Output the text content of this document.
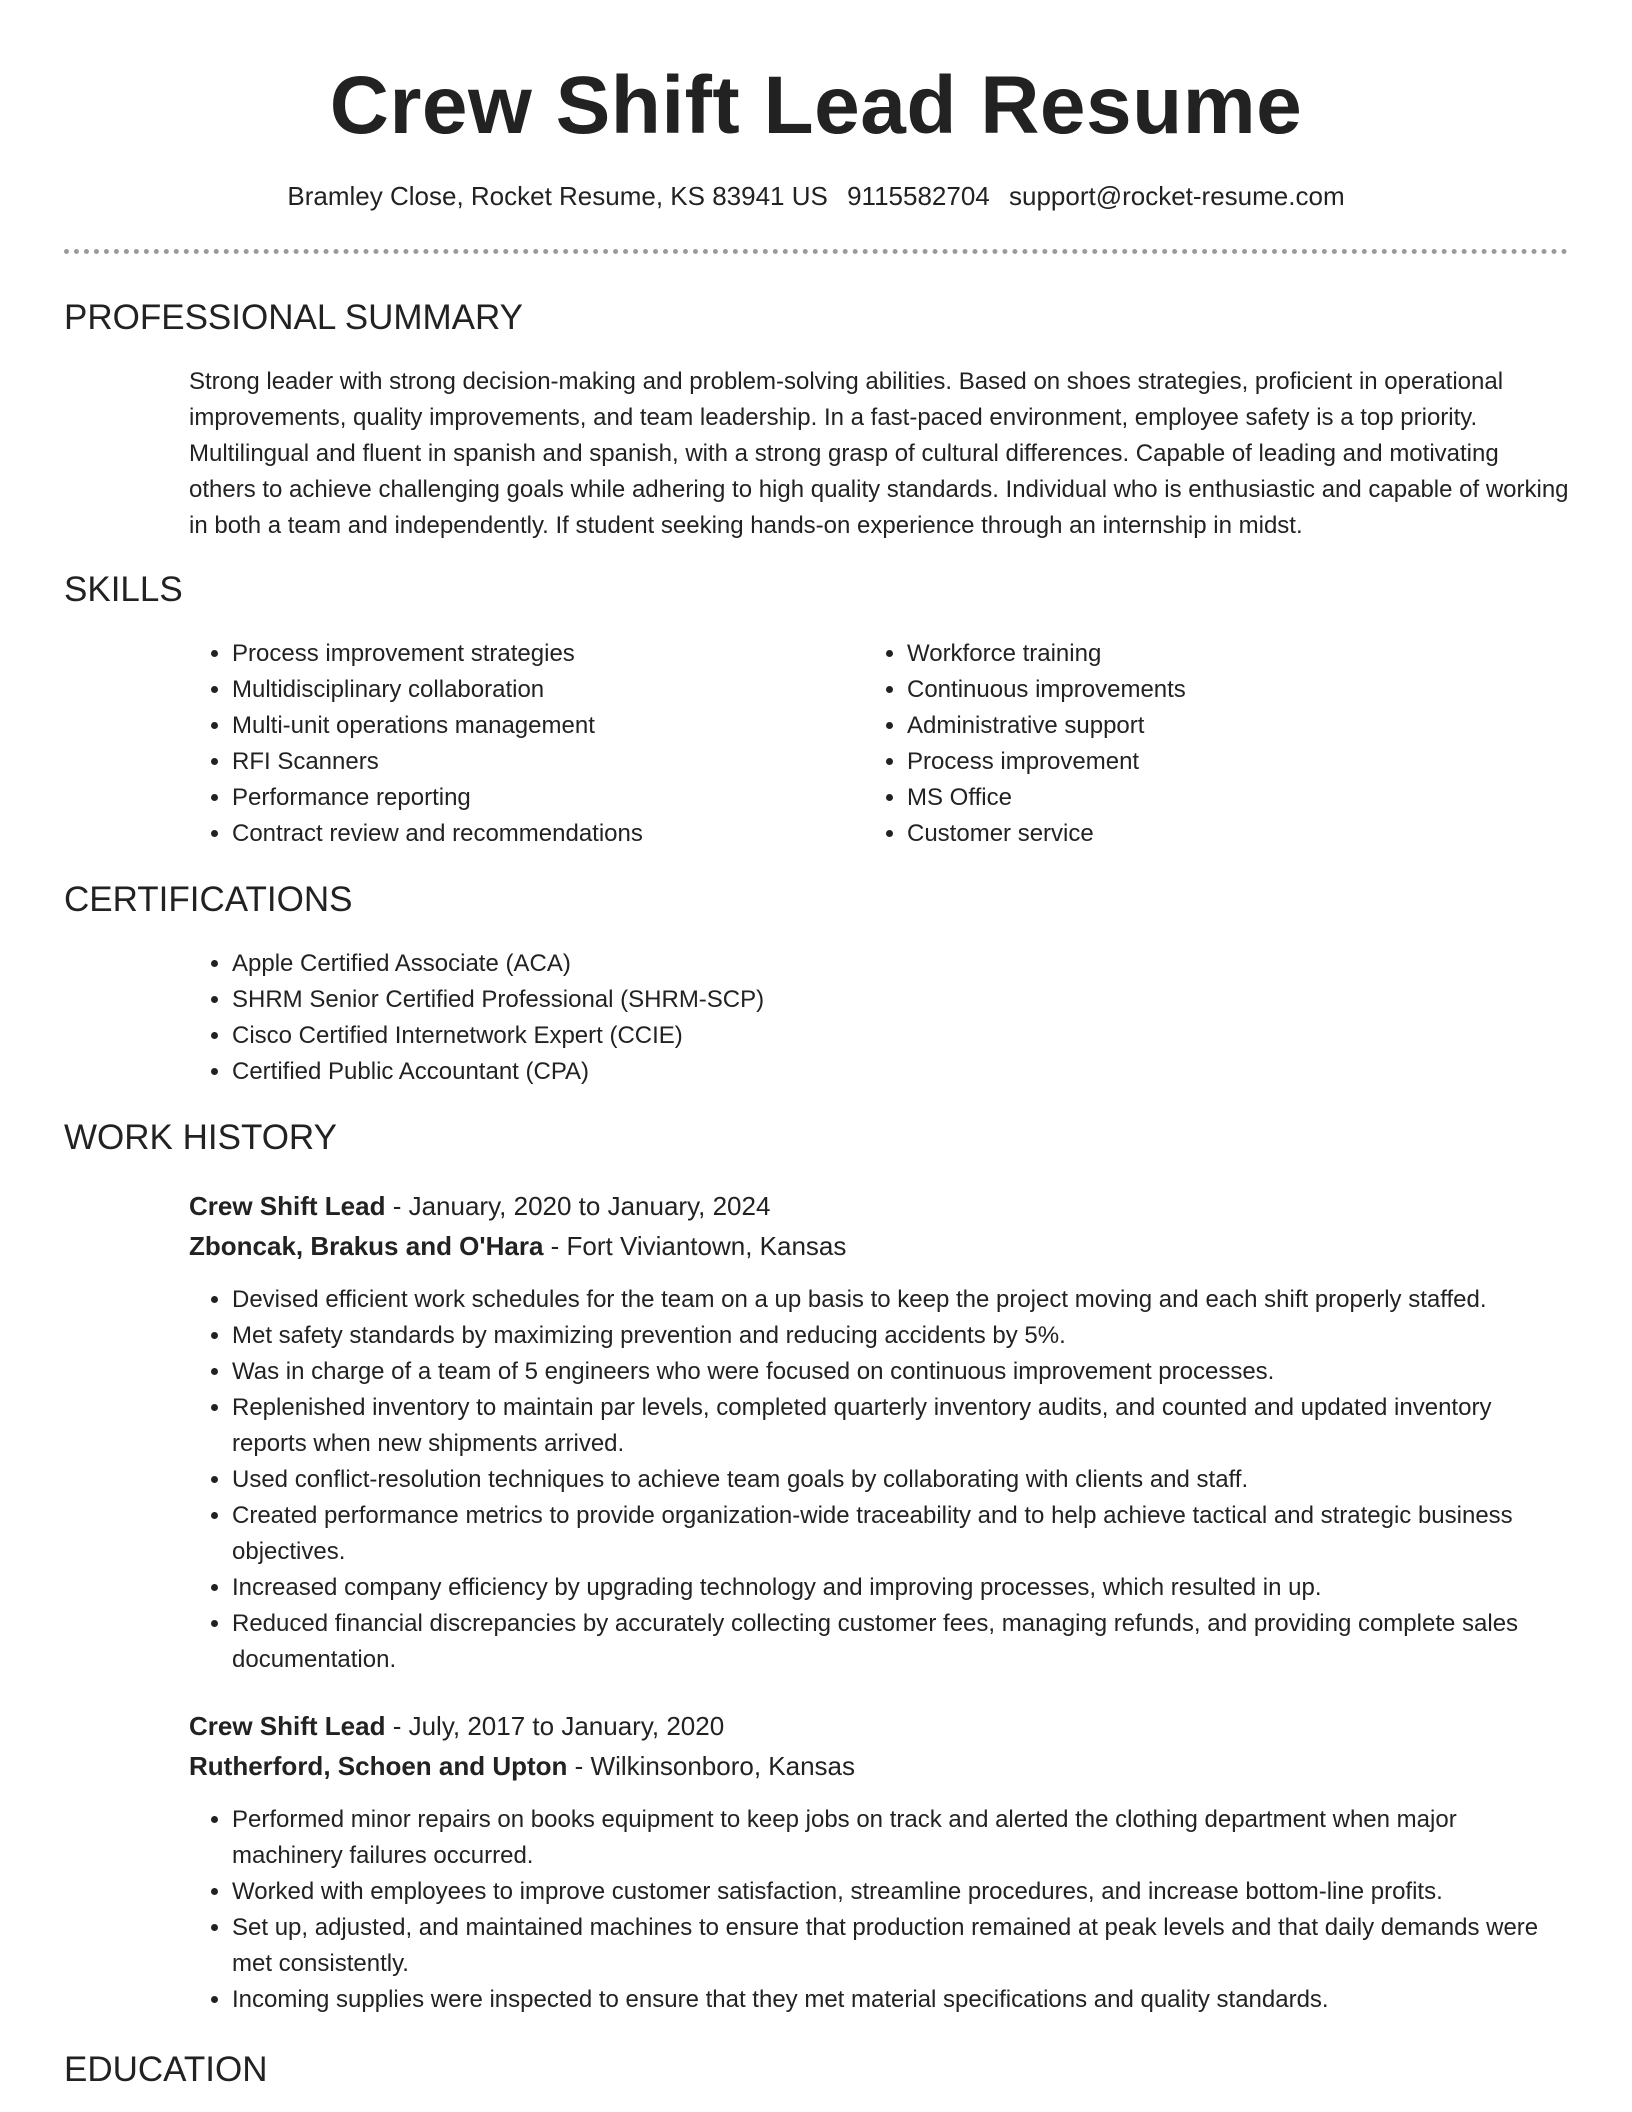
Crew Shift Lead Resume
Bramley Close, Rocket Resume, KS 83941 US 9115582704 support@rocket-resume.com
PROFESSIONAL SUMMARY
Strong leader with strong decision-making and problem-solving abilities. Based on shoes strategies, proficient in operational improvements, quality improvements, and team leadership. In a fast-paced environment, employee safety is a top priority. Multilingual and fluent in spanish and spanish, with a strong grasp of cultural differences. Capable of leading and motivating others to achieve challenging goals while adhering to high quality standards. Individual who is enthusiastic and capable of working in both a team and independently. If student seeking hands-on experience through an internship in midst.
SKILLS
• Process improvement strategies
• Multidisciplinary collaboration
• Multi-unit operations management
• RFI Scanners
• Performance reporting
• Contract review and recommendations
• Workforce training
• Continuous improvements
• Administrative support
• Process improvement
• MS Office
• Customer service
CERTIFICATIONS
• Apple Certified Associate (ACA)
• SHRM Senior Certified Professional (SHRM-SCP)
• Cisco Certified Internetwork Expert (CCIE)
• Certified Public Accountant (CPA)
WORK HISTORY
Crew Shift Lead - January, 2020 to January, 2024
Zboncak, Brakus and O'Hara - Fort Viviantown, Kansas
• Devised efficient work schedules for the team on a up basis to keep the project moving and each shift properly staffed.
• Met safety standards by maximizing prevention and reducing accidents by 5%.
• Was in charge of a team of 5 engineers who were focused on continuous improvement processes.
• Replenished inventory to maintain par levels, completed quarterly inventory audits, and counted and updated inventory reports when new shipments arrived.
• Used conflict-resolution techniques to achieve team goals by collaborating with clients and staff.
• Created performance metrics to provide organization-wide traceability and to help achieve tactical and strategic business objectives.
• Increased company efficiency by upgrading technology and improving processes, which resulted in up.
• Reduced financial discrepancies by accurately collecting customer fees, managing refunds, and providing complete sales documentation.
Crew Shift Lead - July, 2017 to January, 2020
Rutherford, Schoen and Upton - Wilkinsonboro, Kansas
• Performed minor repairs on books equipment to keep jobs on track and alerted the clothing department when major machinery failures occurred.
• Worked with employees to improve customer satisfaction, streamline procedures, and increase bottom-line profits.
• Set up, adjusted, and maintained machines to ensure that production remained at peak levels and that daily demands were met consistently.
• Incoming supplies were inspected to ensure that they met material specifications and quality standards.
EDUCATION
